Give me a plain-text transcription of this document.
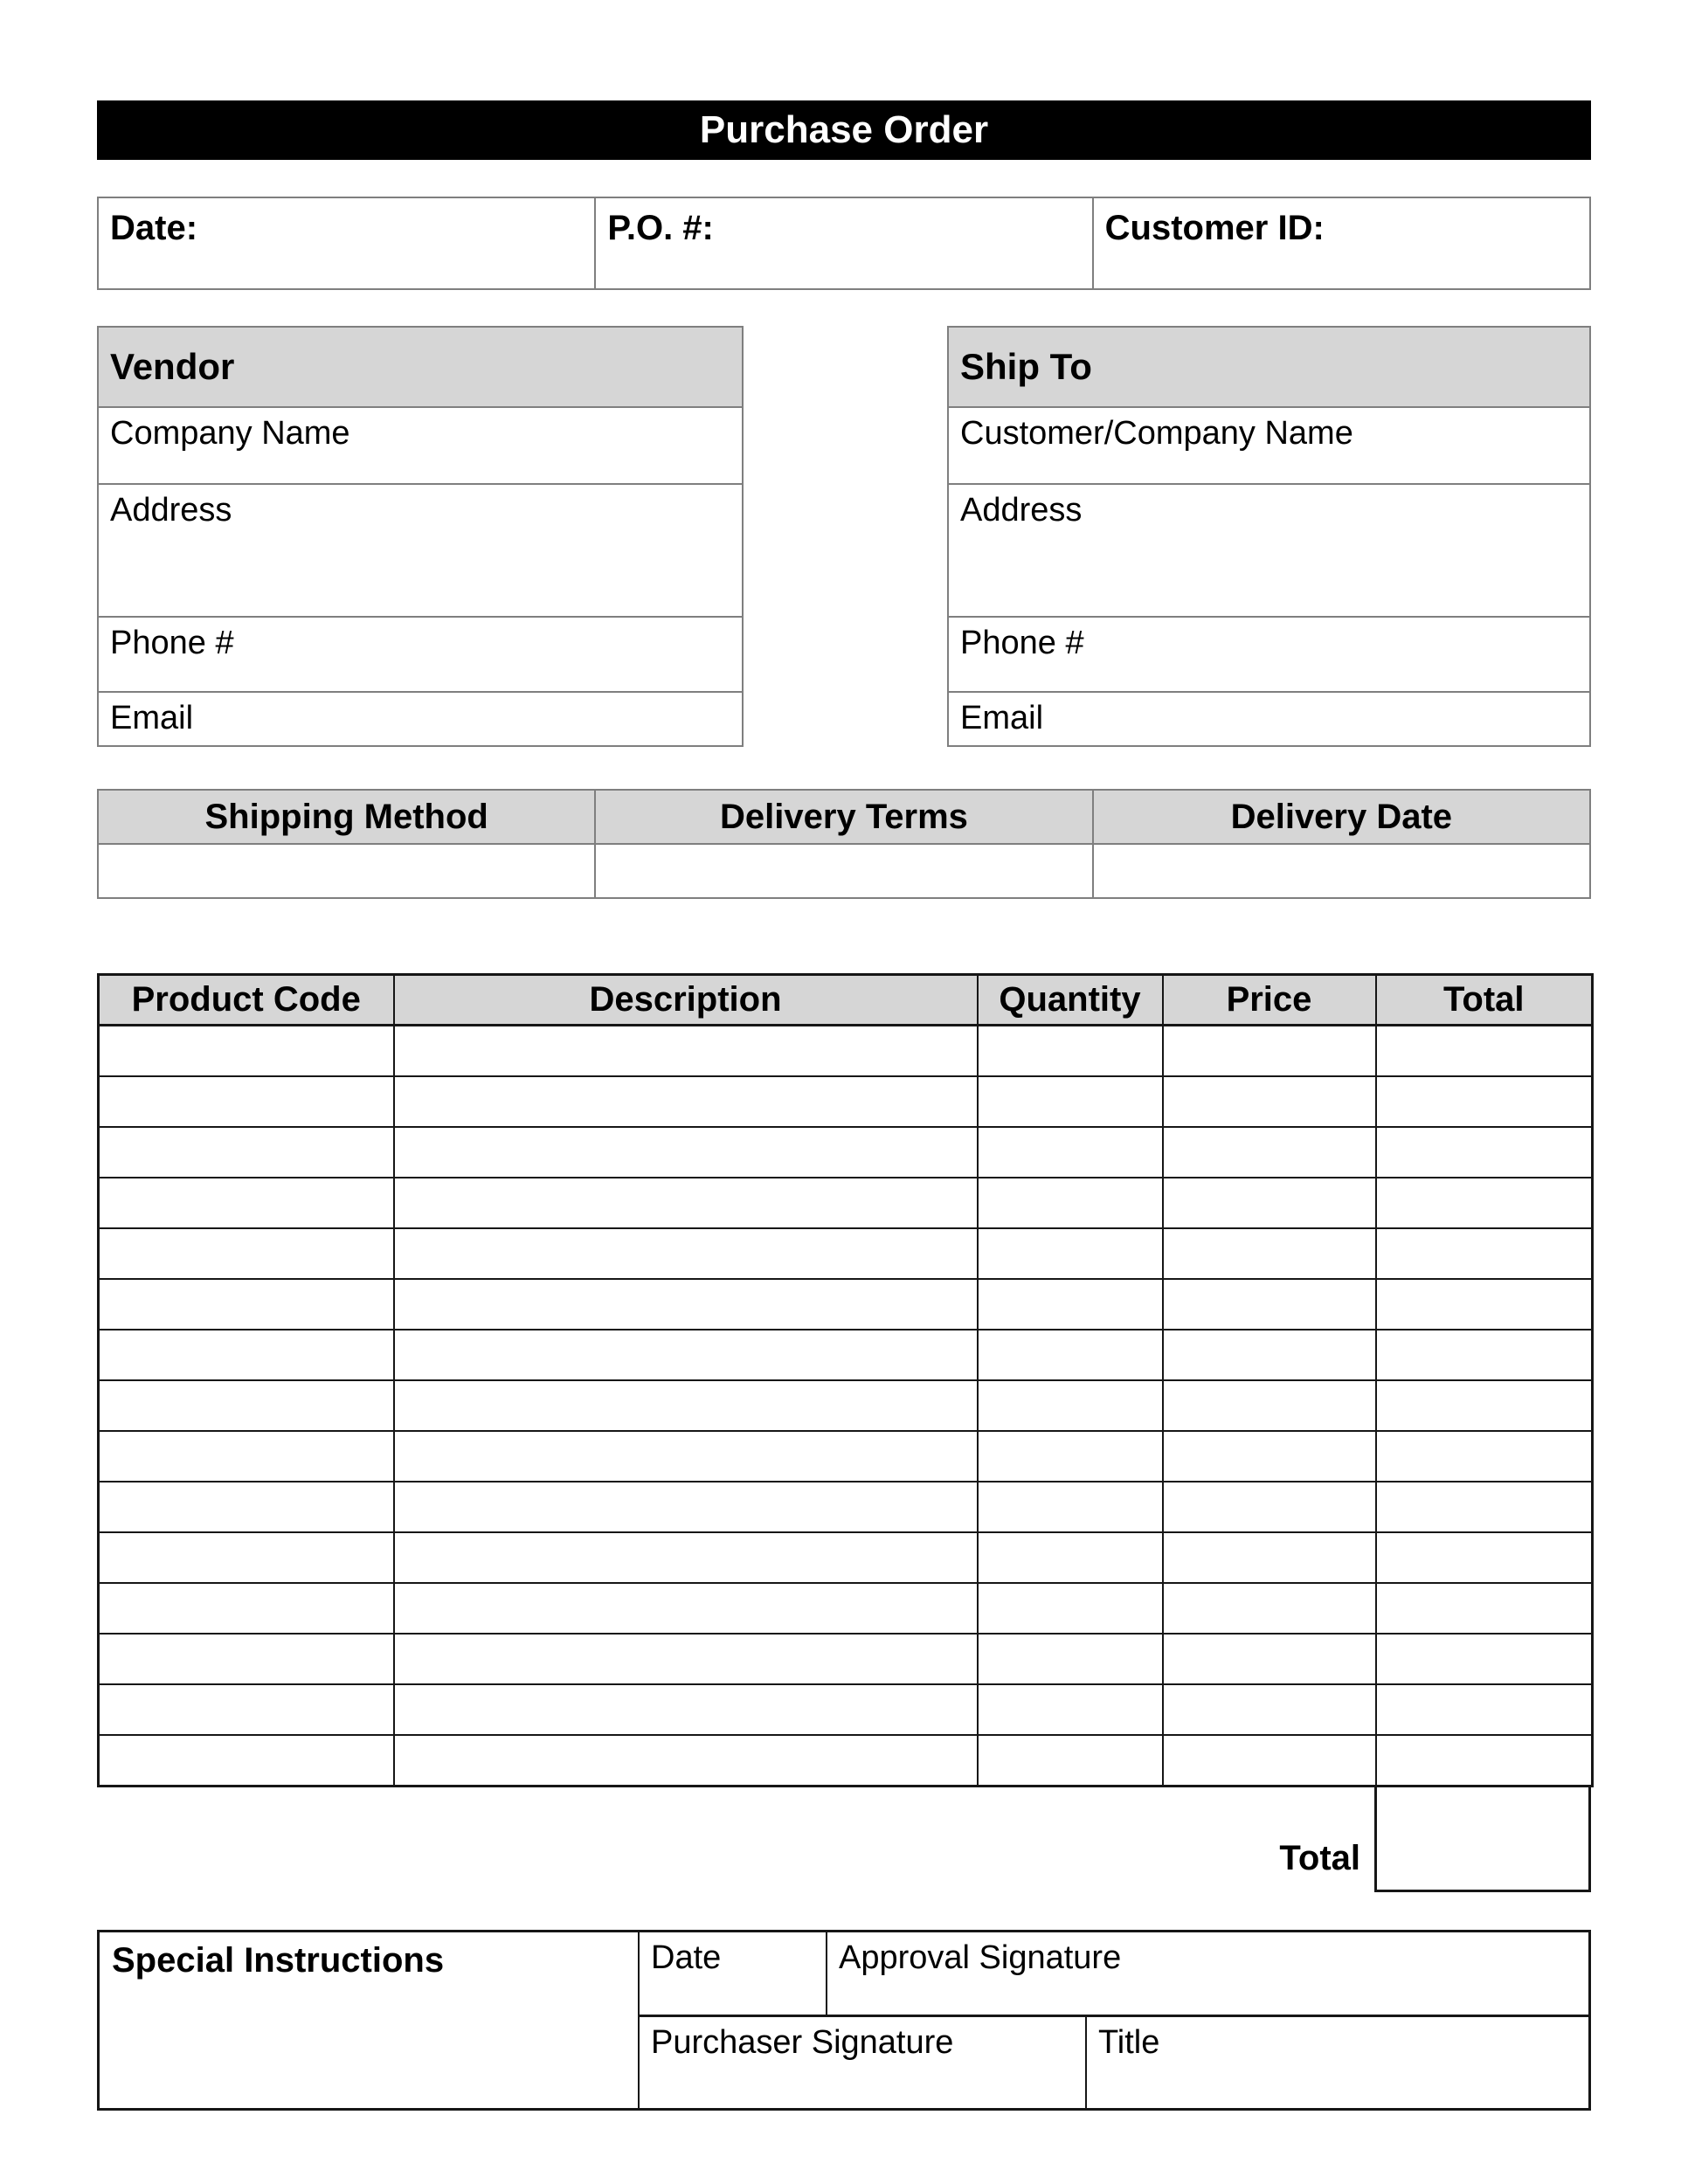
Purchase Order
Date:	P.O. #:	Customer ID:
Vendor
Company Name
Address
Phone #
Email
Ship To
Customer/Company Name
Address
Phone #
Email
Shipping Method	Delivery Terms	Delivery Date
Product Code	Description	Quantity	Price	Total

Total
Special Instructions	Date	Approval Signature
Purchaser Signature	Title
